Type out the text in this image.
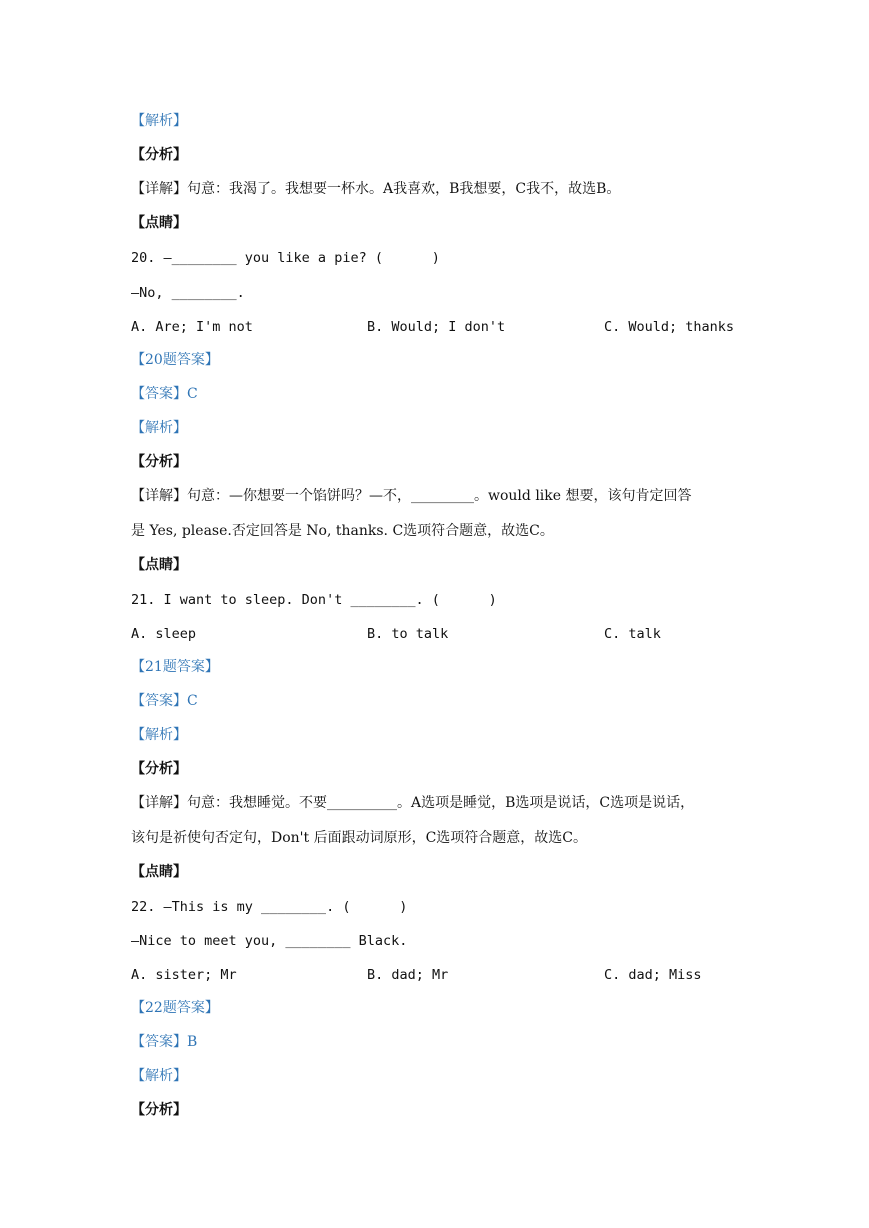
【解析】
【分析】
【详解】句意：我渴了。我想要一杯水。A我喜欢，B我想要，C我不，故选B。
【点睛】
20. —________ you like a pie? (      )
—No, ________.
A. Are; I'm not	B. Would; I don't	C. Would; thanks
【20题答案】
【答案】C
【解析】
【分析】
【详解】句意：—你想要一个馅饼吗？—不，_________。would like 想要，该句肯定回答
是 Yes, please.否定回答是 No, thanks. C选项符合题意，故选C。
【点睛】
21. I want to sleep. Don't ________. (      )
A. sleep	B. to talk	C. talk
【21题答案】
【答案】C
【解析】
【分析】
【详解】句意：我想睡觉。不要__________。A选项是睡觉，B选项是说话，C选项是说话，
该句是祈使句否定句，Don't 后面跟动词原形，C选项符合题意，故选C。
【点睛】
22. —This is my ________. (      )
—Nice to meet you, ________ Black.
A. sister; Mr	B. dad; Mr	C. dad; Miss
【22题答案】
【答案】B
【解析】
【分析】
